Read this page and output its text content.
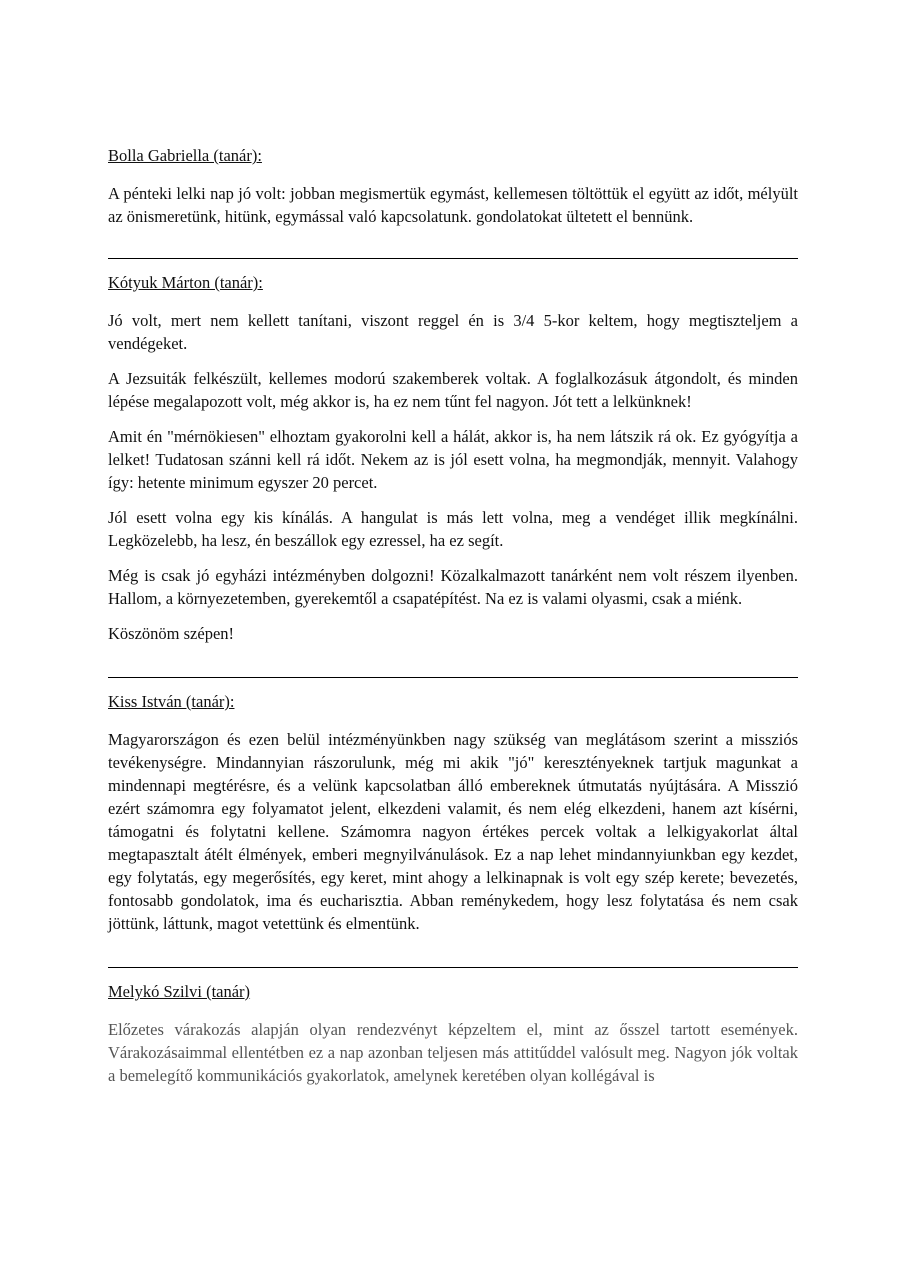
Bolla Gabriella (tanár):

A pénteki lelki nap jó volt: jobban megismertük egymást, kellemesen töltöttük el együtt az időt, mélyült az önismeretünk, hitünk, egymással való kapcsolatunk. gondolatokat ültetett el bennünk.

Kótyuk Márton (tanár):

Jó volt, mert nem kellett tanítani, viszont reggel én is 3/4 5-kor keltem, hogy megtiszteljem a vendégeket.

A Jezsuiták felkészült, kellemes modorú szakemberek voltak. A foglalkozásuk átgondolt, és minden lépése megalapozott volt, még akkor is, ha ez nem tűnt fel nagyon. Jót tett a lelkünknek!

Amit én "mérnökiesen" elhoztam gyakorolni kell a hálát, akkor is, ha nem látszik rá ok. Ez gyógyítja a lelket! Tudatosan szánni kell rá időt. Nekem az is jól esett volna, ha megmondják, mennyit. Valahogy így: hetente minimum egyszer 20 percet.

Jól esett volna egy kis kínálás. A hangulat is más lett volna, meg a vendéget illik megkínálni. Legközelebb, ha lesz, én beszállok egy ezressel, ha ez segít.

Még is csak jó egyházi intézményben dolgozni! Közalkalmazott tanárként nem volt részem ilyenben. Hallom, a környezetemben, gyerekemtől a csapatépítést. Na ez is valami olyasmi, csak a miénk.

Köszönöm szépen!

Kiss István (tanár):

Magyarországon és ezen belül intézményünkben nagy szükség van meglátásom szerint a missziós tevékenységre. Mindannyian rászorulunk, még mi akik "jó" keresztényeknek tartjuk magunkat a mindennapi megtérésre, és a velünk kapcsolatban álló embereknek útmutatás nyújtására. A Misszió ezért számomra egy folyamatot jelent, elkezdeni valamit, és nem elég elkezdeni, hanem azt kísérni, támogatni és folytatni kellene. Számomra nagyon értékes percek voltak a lelkigyakorlat által megtapasztalt átélt élmények, emberi megnyilvánulások. Ez a nap lehet mindannyiunkban egy kezdet, egy folytatás, egy megerősítés, egy keret, mint ahogy a lelkinapnak is volt egy szép kerete; bevezetés, fontosabb gondolatok, ima és eucharisztia. Abban reménykedem, hogy lesz folytatása és nem csak jöttünk, láttunk, magot vetettünk és elmentünk.

Melykó Szilvi (tanár)

Előzetes várakozás alapján olyan rendezvényt képzeltem el, mint az ősszel tartott események. Várakozásaimmal ellentétben ez a nap azonban teljesen más attitűddel valósult meg. Nagyon jók voltak a bemelegítő kommunikációs gyakorlatok, amelynek keretében olyan kollégával is
